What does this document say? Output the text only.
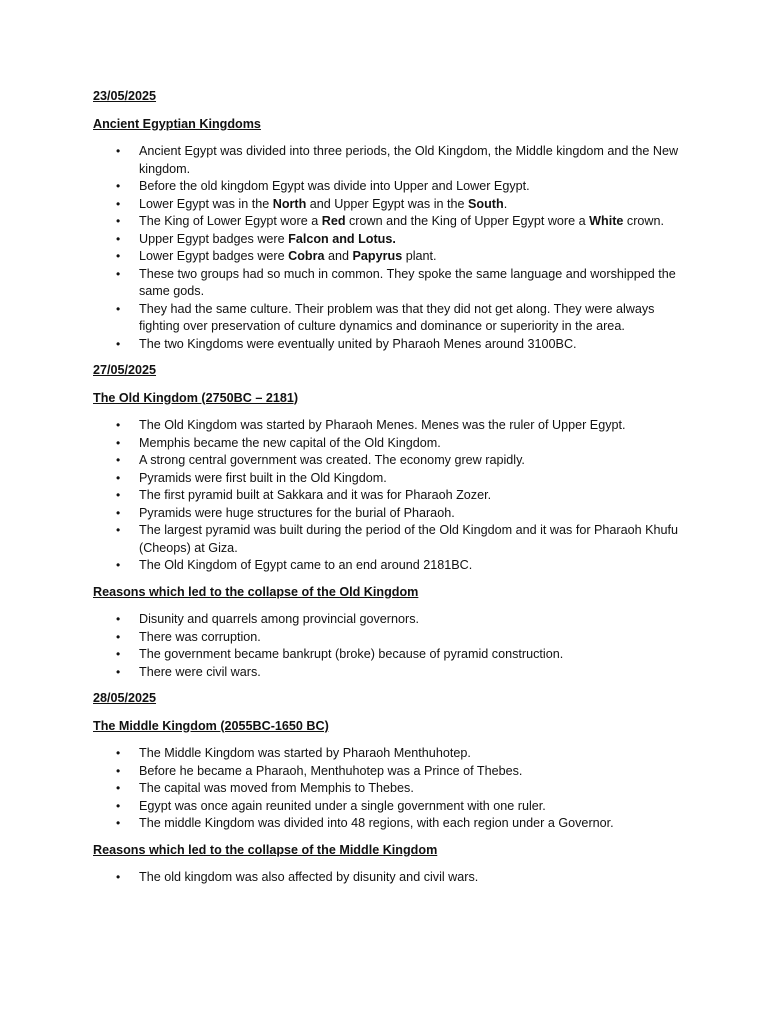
23/05/2025
Ancient Egyptian Kingdoms
• Ancient Egypt was divided into three periods, the Old Kingdom, the Middle kingdom and the New kingdom.
• Before the old kingdom Egypt was divide into Upper and Lower Egypt.
• Lower Egypt was in the North and Upper Egypt was in the South.
• The King of Lower Egypt wore a Red crown and the King of Upper Egypt wore a White crown.
• Upper Egypt badges were Falcon and Lotus.
• Lower Egypt badges were Cobra and Papyrus plant.
• These two groups had so much in common. They spoke the same language and worshipped the same gods.
• They had the same culture. Their problem was that they did not get along. They were always fighting over preservation of culture dynamics and dominance or superiority in the area.
• The two Kingdoms were eventually united by Pharaoh Menes around 3100BC.
27/05/2025
The Old Kingdom (2750BC – 2181)
• The Old Kingdom was started by Pharaoh Menes. Menes was the ruler of Upper Egypt.
• Memphis became the new capital of the Old Kingdom.
• A strong central government was created. The economy grew rapidly.
• Pyramids were first built in the Old Kingdom.
• The first pyramid built at Sakkara and it was for Pharaoh Zozer.
• Pyramids were huge structures for the burial of Pharaoh.
• The largest pyramid was built during the period of the Old Kingdom and it was for Pharaoh Khufu (Cheops) at Giza.
• The Old Kingdom of Egypt came to an end around 2181BC.
Reasons which led to the collapse of the Old Kingdom
• Disunity and quarrels among provincial governors.
• There was corruption.
• The government became bankrupt (broke) because of pyramid construction.
• There were civil wars.
28/05/2025
The Middle Kingdom (2055BC-1650 BC)
• The Middle Kingdom was started by Pharaoh Menthuhotep.
• Before he became a Pharaoh, Menthuhotep was a Prince of Thebes.
• The capital was moved from Memphis to Thebes.
• Egypt was once again reunited under a single government with one ruler.
• The middle Kingdom was divided into 48 regions, with each region under a Governor.
Reasons which led to the collapse of the Middle Kingdom
• The old kingdom was also affected by disunity and civil wars.
